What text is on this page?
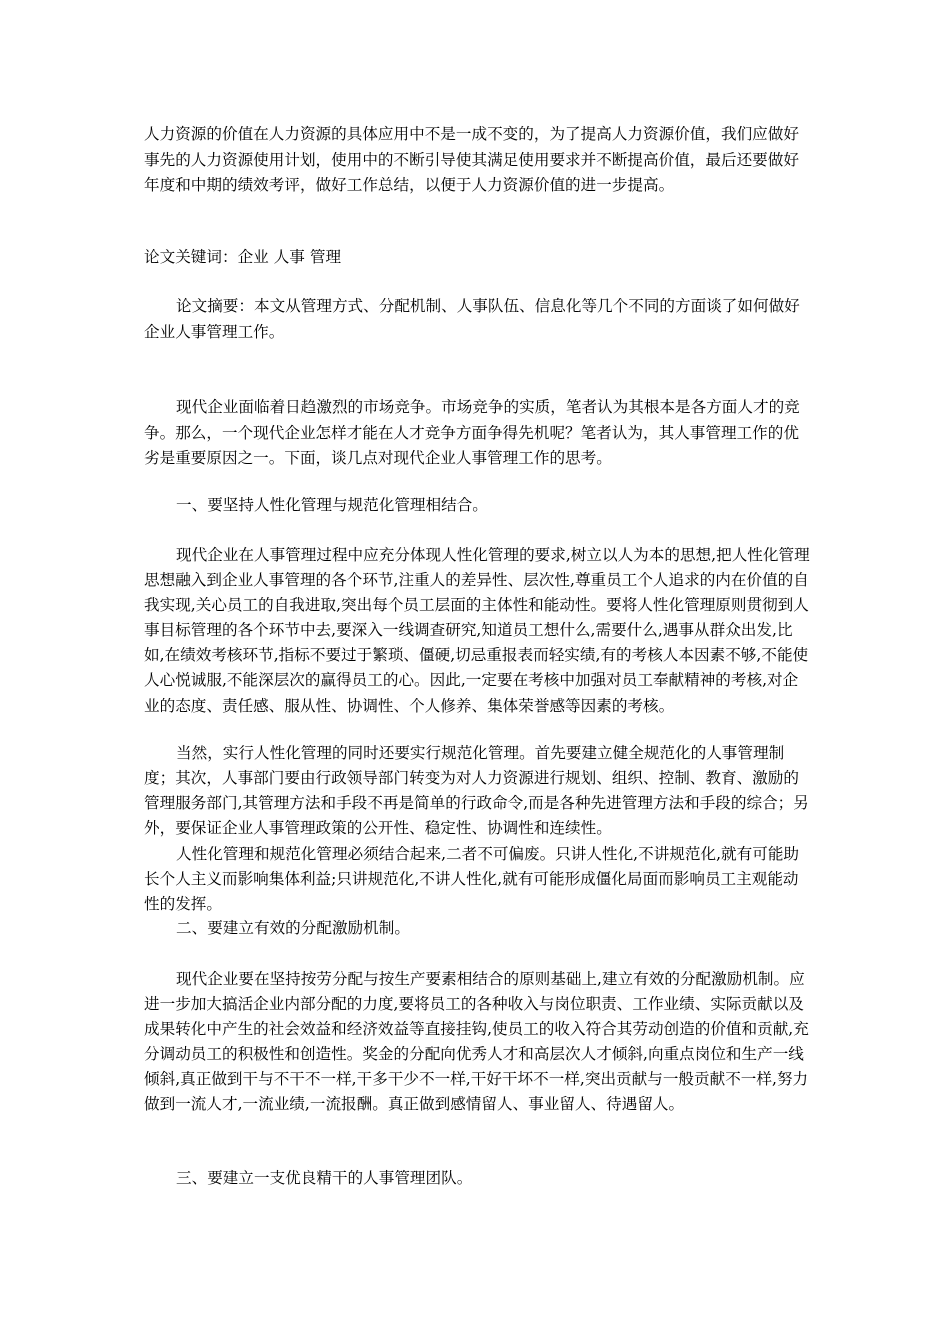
人力资源的价值在人力资源的具体应用中不是一成不变的，为了提高人力资源价值，我们应做好事先的人力资源使用计划，使用中的不断引导使其满足使用要求并不断提高价值，最后还要做好年度和中期的绩效考评，做好工作总结，以便于人力资源价值的进一步提高。

论文关键词：企业 人事 管理

论文摘要：本文从管理方式、分配机制、人事队伍、信息化等几个不同的方面谈了如何做好企业人事管理工作。

现代企业面临着日趋激烈的市场竞争。市场竞争的实质，笔者认为其根本是各方面人才的竞争。那么，一个现代企业怎样才能在人才竞争方面争得先机呢？笔者认为，其人事管理工作的优劣是重要原因之一。下面，谈几点对现代企业人事管理工作的思考。

一、要坚持人性化管理与规范化管理相结合。

现代企业在人事管理过程中应充分体现人性化管理的要求,树立以人为本的思想,把人性化管理思想融入到企业人事管理的各个环节,注重人的差异性、层次性,尊重员工个人追求的内在价值的自我实现,关心员工的自我进取,突出每个员工层面的主体性和能动性。要将人性化管理原则贯彻到人事目标管理的各个环节中去,要深入一线调查研究,知道员工想什么,需要什么,遇事从群众出发,比如,在绩效考核环节,指标不要过于繁琐、僵硬,切忌重报表而轻实绩,有的考核人本因素不够,不能使人心悦诚服,不能深层次的赢得员工的心。因此,一定要在考核中加强对员工奉献精神的考核,对企业的态度、责任感、服从性、协调性、个人修养、集体荣誉感等因素的考核。

当然，实行人性化管理的同时还要实行规范化管理。首先要建立健全规范化的人事管理制度；其次，人事部门要由行政领导部门转变为对人力资源进行规划、组织、控制、教育、激励的管理服务部门,其管理方法和手段不再是简单的行政命令,而是各种先进管理方法和手段的综合；另外，要保证企业人事管理政策的公开性、稳定性、协调性和连续性。

人性化管理和规范化管理必须结合起来,二者不可偏废。只讲人性化,不讲规范化,就有可能助长个人主义而影响集体利益;只讲规范化,不讲人性化,就有可能形成僵化局面而影响员工主观能动性的发挥。

二、要建立有效的分配激励机制。

现代企业要在坚持按劳分配与按生产要素相结合的原则基础上,建立有效的分配激励机制。应进一步加大搞活企业内部分配的力度,要将员工的各种收入与岗位职责、工作业绩、实际贡献以及成果转化中产生的社会效益和经济效益等直接挂钩,使员工的收入符合其劳动创造的价值和贡献,充分调动员工的积极性和创造性。奖金的分配向优秀人才和高层次人才倾斜,向重点岗位和生产一线倾斜,真正做到干与不干不一样,干多干少不一样,干好干坏不一样,突出贡献与一般贡献不一样,努力做到一流人才,一流业绩,一流报酬。真正做到感情留人、事业留人、待遇留人。

三、要建立一支优良精干的人事管理团队。
